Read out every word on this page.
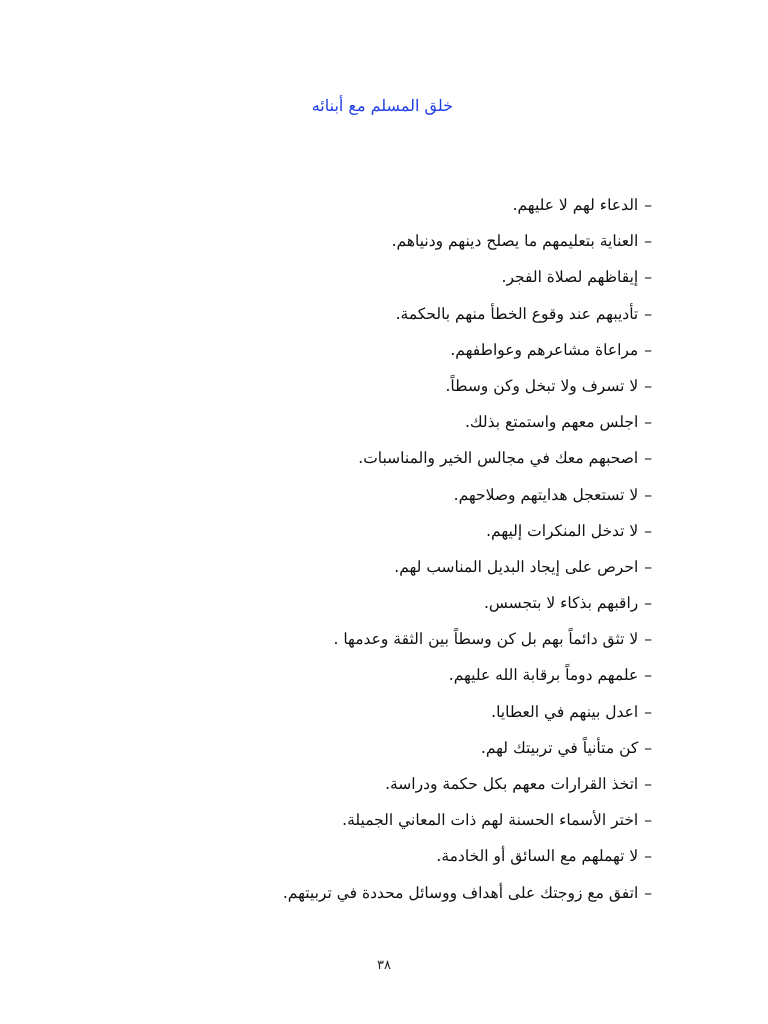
خلق المسلم مع أبنائه
–الدعاء لهم لا عليهم.
–العناية بتعليمهم ما يصلح دينهم ودنياهم.
–إيقاظهم لصلاة الفجر.
–تأديبهم عند وقوع الخطأ منهم بالحكمة.
–مراعاة مشاعرهم وعواطفهم.
–لا تسرف ولا تبخل وكن وسطاً.
–اجلس معهم واستمتع بذلك.
–اصحبهم معك في مجالس الخير والمناسبات.
–لا تستعجل هدايتهم وصلاحهم.
–لا تدخل المنكرات إليهم.
–احرص على إيجاد البديل المناسب لهم.
–راقبهم بذكاء لا بتجسس.
–لا تثق دائماً بهم بل كن وسطاً بين الثقة وعدمها .
–علمهم دوماً برقابة الله عليهم.
–اعدل بينهم في العطايا.
–كن متأنياً في تربيتك لهم.
–اتخذ القرارات معهم بكل حكمة ودراسة.
–اختر الأسماء الحسنة لهم ذات المعاني الجميلة.
–لا تهملهم مع السائق أو الخادمة.
–اتفق مع زوجتك على أهداف ووسائل محددة في تربيتهم.
٣٨
